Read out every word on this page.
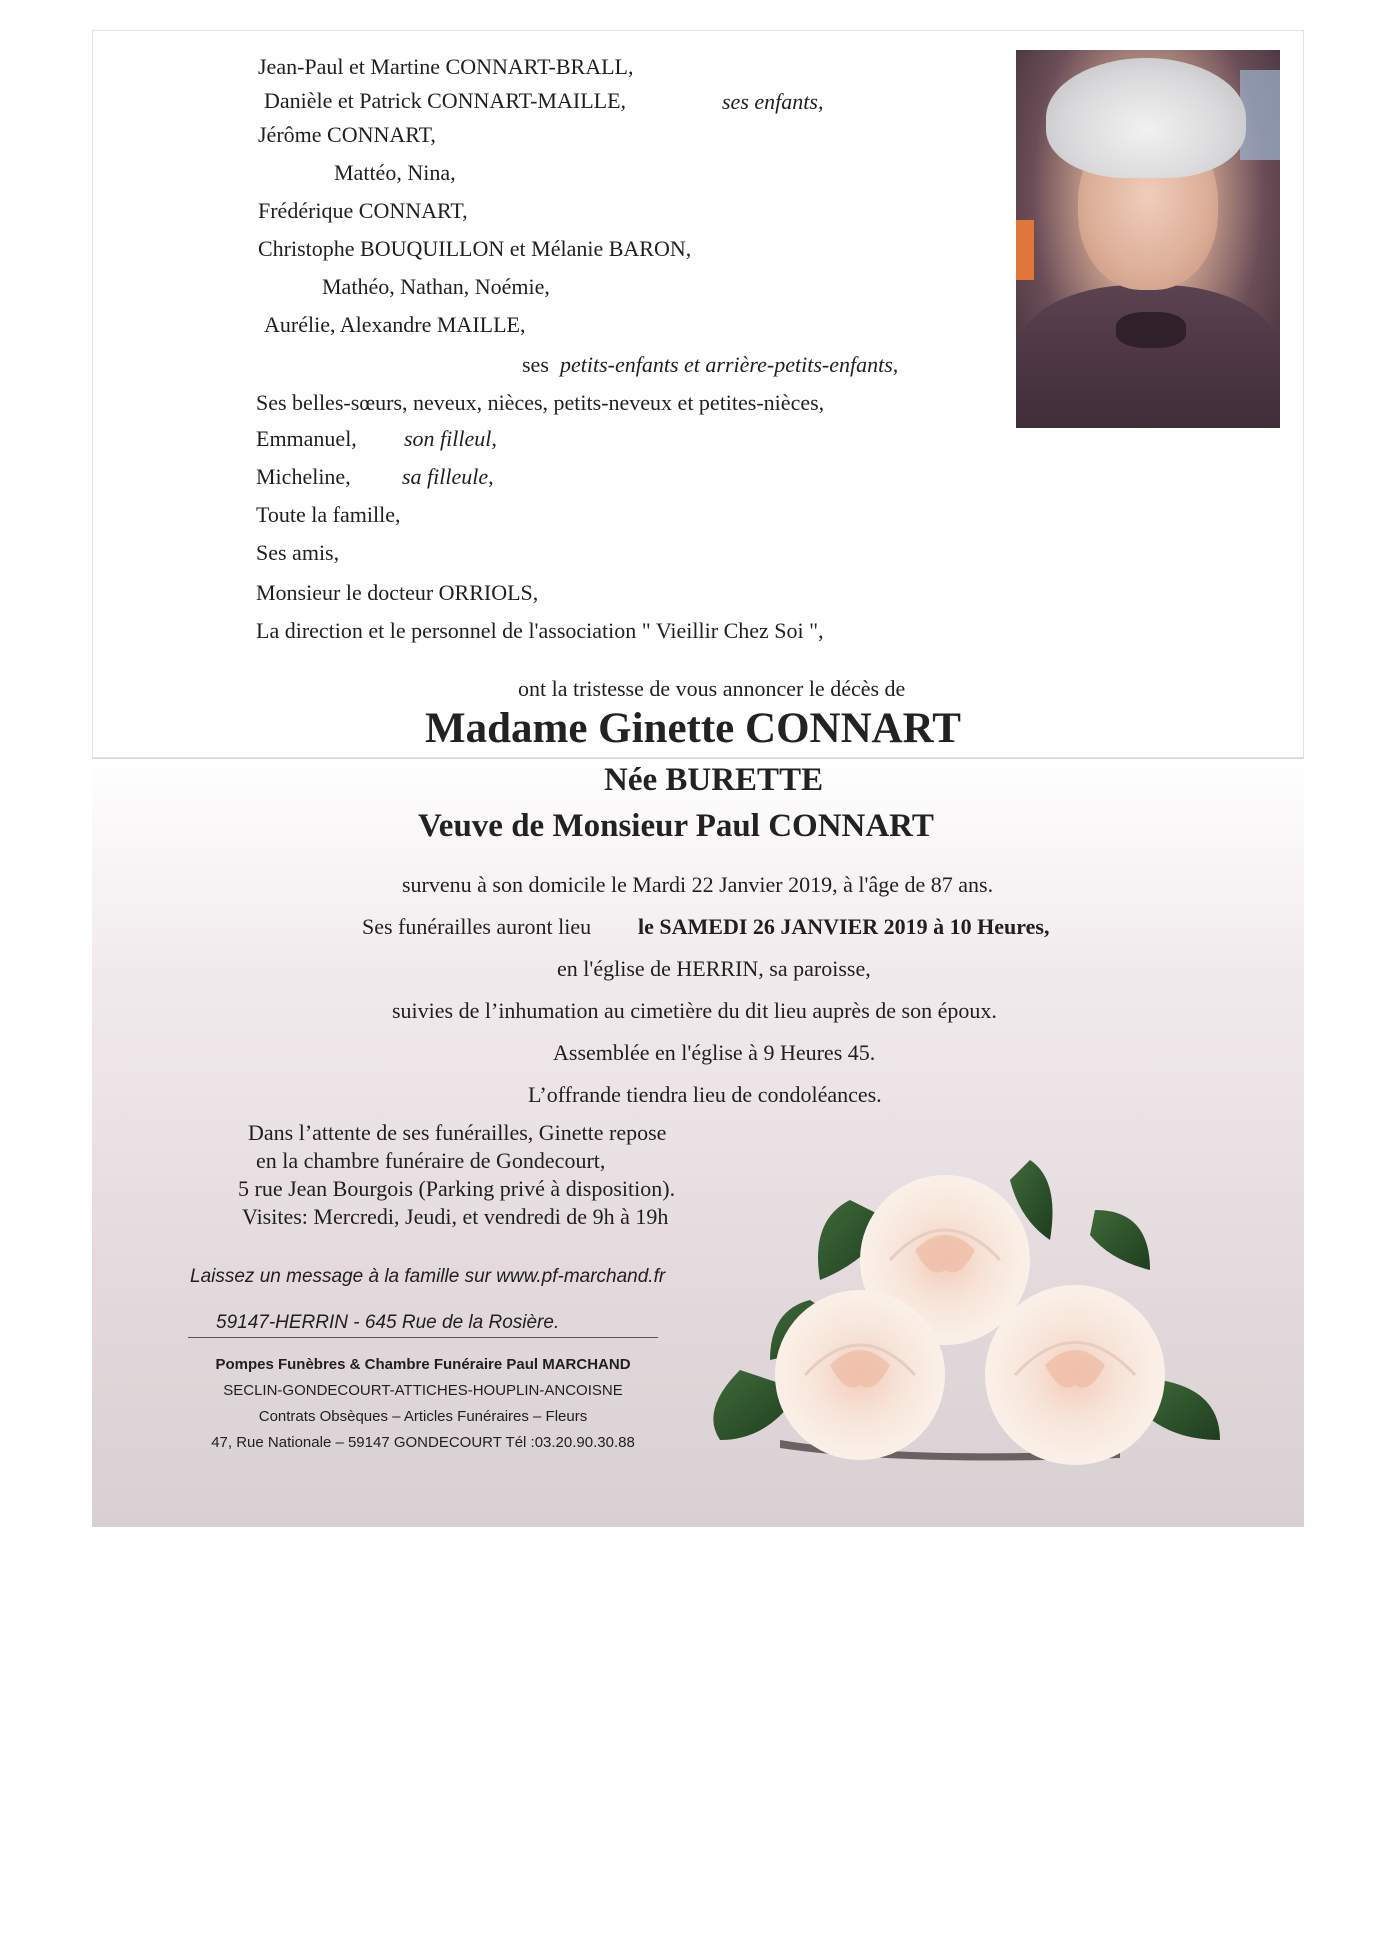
Jean-Paul et Martine CONNART-BRALL,
Danièle et Patrick CONNART-MAILLE,	ses enfants,
Jérôme CONNART,
Mattéo, Nina,
Frédérique CONNART,
Christophe BOUQUILLON et Mélanie BARON,
Mathéo, Nathan, Noémie,
Aurélie, Alexandre MAILLE,
ses petits-enfants et arrière-petits-enfants,
Ses belles-sœurs, neveux, nièces, petits-neveux et petites-nièces,
Emmanuel, son filleul,
Micheline, sa filleule,
Toute la famille,
Ses amis,
Monsieur le docteur ORRIOLS,
La direction et le personnel de l'association " Vieillir Chez Soi ",
ont la tristesse de vous annoncer le décès de
Madame Ginette CONNART
Née BURETTE
Veuve de Monsieur Paul CONNART
survenu à son domicile le Mardi 22 Janvier 2019, à l'âge de 87 ans.
Ses funérailles auront lieu le SAMEDI 26 JANVIER 2019 à 10 Heures,
en l'église de HERRIN, sa paroisse,
suivies de l’inhumation au cimetière du dit lieu auprès de son époux.
Assemblée en l'église à 9 Heures 45.
L’offrande tiendra lieu de condoléances.
Dans l’attente de ses funérailles, Ginette repose
en la chambre funéraire de Gondecourt,
5 rue Jean Bourgois (Parking privé à disposition).
Visites: Mercredi, Jeudi, et vendredi de 9h à 19h
Laissez un message à la famille sur www.pf-marchand.fr
59147-HERRIN - 645 Rue de la Rosière.
Pompes Funèbres & Chambre Funéraire Paul MARCHAND
SECLIN-GONDECOURT-ATTICHES-HOUPLIN-ANCOISNE
Contrats Obsèques – Articles Funéraires – Fleurs
47, Rue Nationale – 59147 GONDECOURT Tél :03.20.90.30.88
